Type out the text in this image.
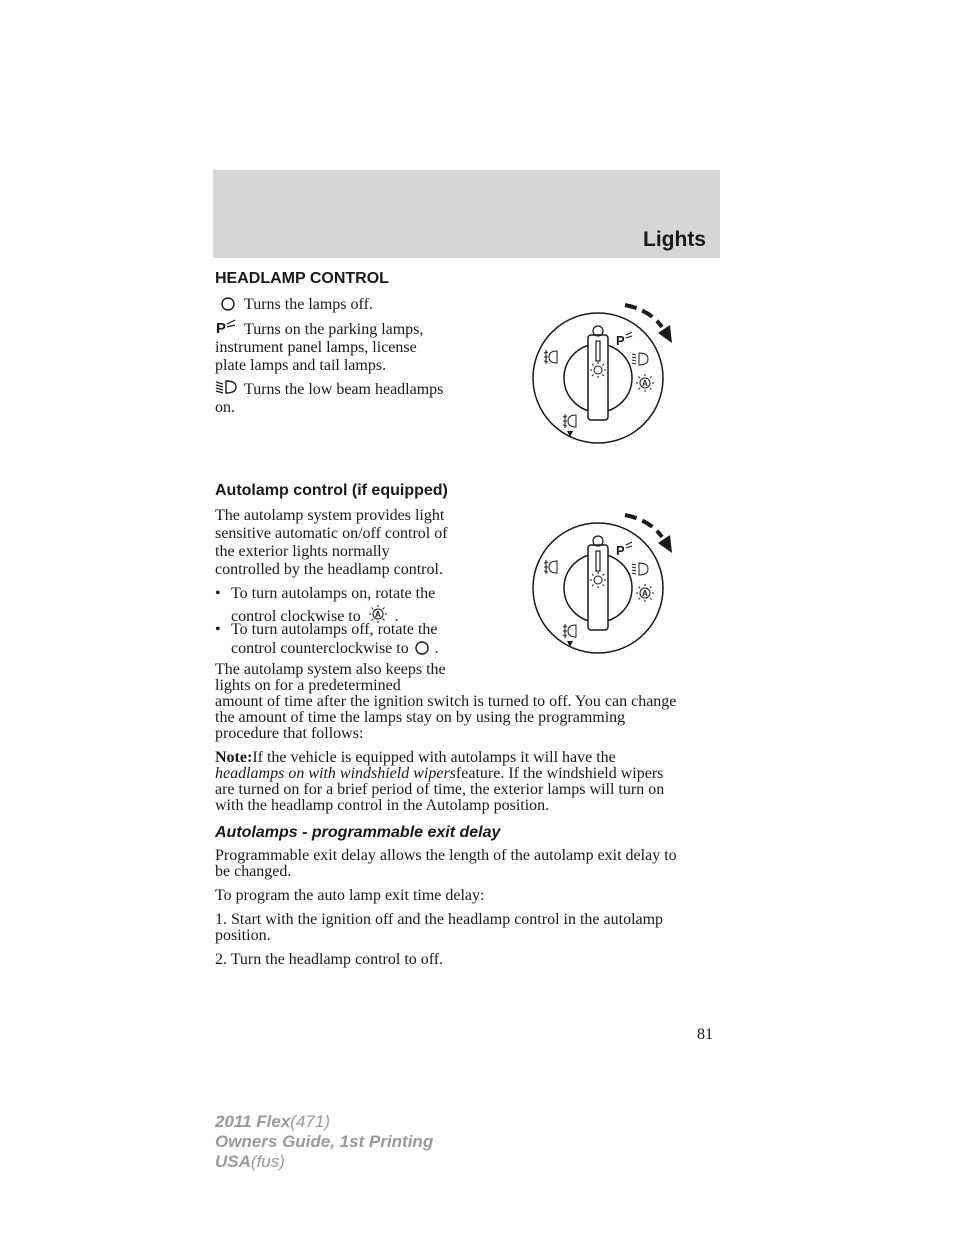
Lights
HEADLAMP CONTROL

Turns the lamps off.

P Turns on the parking lamps,

instrument panel lamps, license

plate lamps and tail lamps.

Turns the low beam headlamps

on.

P
A
Autolamp control (if equipped)

The autolamp system provides light

sensitive automatic on/off control of

the exterior lights normally

controlled by the headlamp control.

• To turn autolamps on, rotate the

control clockwise to A .

• To turn autolamps off, rotate the

control counterclockwise to  .

The autolamp system also keeps the

lights on for a predetermined

amount of time after the ignition switch is turned to off. You can change

the amount of time the lamps stay on by using the programming

procedure that follows:

Note:If the vehicle is equipped with autolamps it will have the

headlamps on with windshield wipersfeature. If the windshield wipers

are turned on for a brief period of time, the exterior lamps will turn on

with the headlamp control in the Autolamp position.

P
A
Autolamps - programmable exit delay

Programmable exit delay allows the length of the autolamp exit delay to

be changed.

To program the auto lamp exit time delay:

1. Start with the ignition off and the headlamp control in the autolamp

position.

2. Turn the headlamp control to off.

81
2011 Flex(471)
Owners Guide, 1st Printing
USA(fus)
